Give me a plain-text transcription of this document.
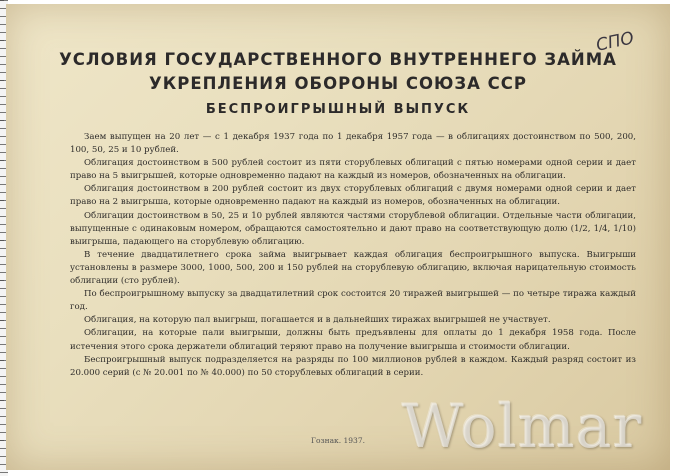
УСЛОВИЯ ГОСУДАРСТВЕННОГО ВНУТРЕННЕГО ЗАЙМА
УКРЕПЛЕНИЯ ОБОРОНЫ СОЮЗА ССР
БЕСПРОИГРЫШНЫЙ ВЫПУСК
СПО

Заем выпущен на 20 лет — с 1 декабря 1937 года по 1 декабря 1957 года — в облигациях достоинством по 500, 200, 100, 50, 25 и 10 рублей.

Облигация достоинством в 500 рублей состоит из пяти сторублевых облигаций с пятью номерами одной серии и дает право на 5 выигрышей, которые одновременно падают на каждый из номеров, обозначенных на облигации.

Облигация достоинством в 200 рублей состоит из двух сторублевых облигаций с двумя номерами одной серии и дает право на 2 выигрыша, которые одновременно падают на каждый из номеров, обозначенных на облигации.

Облигации достоинством в 50, 25 и 10 рублей являются частями сторублевой облигации. Отдельные части облигации, выпущенные с одинаковым номером, обращаются самостоятельно и дают право на соответствующую долю (1/2, 1/4, 1/10) выигрыша, падающего на сторублевую облигацию.

В течение двадцатилетнего срока займа выигрывает каждая облигация беспроигрышного выпуска. Выигрыши установлены в размере 3000, 1000, 500, 200 и 150 рублей на сторублевую облигацию, включая нарицательную стоимость облигации (сто рублей).

По беспроигрышному выпуску за двадцатилетний срок состоится 20 тиражей выигрышей — по четыре тиража каждый год.

Облигация, на которую пал выигрыш, погашается и в дальнейших тиражах выигрышей не участвует.

Облигации, на которые пали выигрыши, должны быть предъявлены для оплаты до 1 декабря 1958 года. После истечения этого срока держатели облигаций теряют право на получение выигрыша и стоимости облигации.

Беспроигрышный выпуск подразделяется на разряды по 100 миллионов рублей в каждом. Каждый разряд состоит из 20.000 серий (с № 20.001 по № 40.000) по 50 сторублевых облигаций в серии.

Гознак. 1937. Wolmar
